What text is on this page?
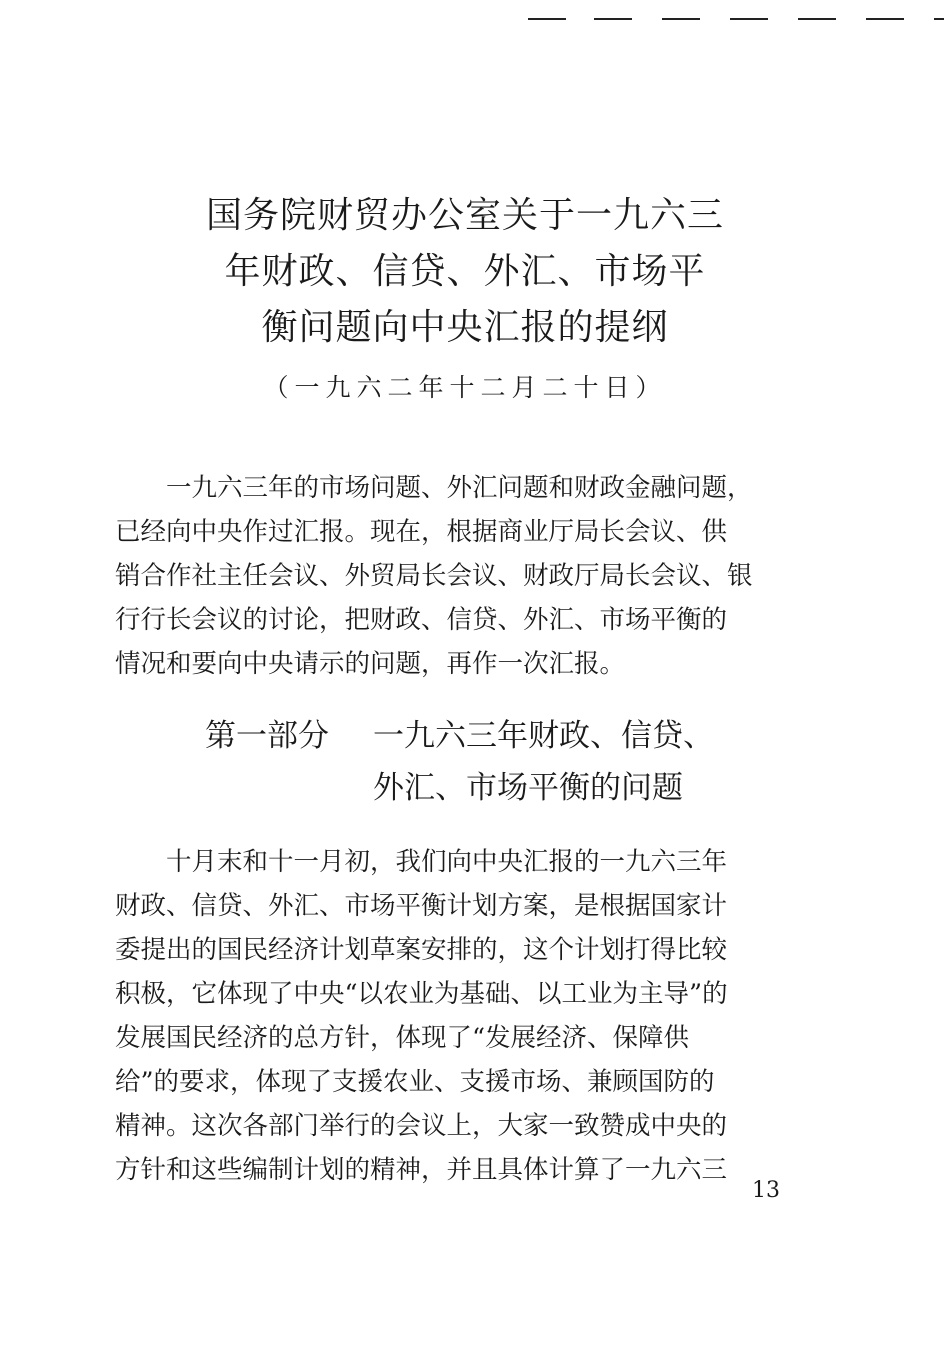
国务院财贸办公室关于一九六三
年财政、信贷、外汇、市场平
衡问题向中央汇报的提纲
（一九六二年十二月二十日）

　　一九六三年的市场问题、外汇问题和财政金融问题，
已经向中央作过汇报。现在，根据商业厅局长会议、供
销合作社主任会议、外贸局长会议、财政厅局长会议、银
行行长会议的讨论，把财政、信贷、外汇、市场平衡的
情况和要向中央请示的问题，再作一次汇报。

第一部分 一九六三年财政、信贷、
外汇、市场平衡的问题

　　十月末和十一月初，我们向中央汇报的一九六三年
财政、信贷、外汇、市场平衡计划方案，是根据国家计
委提出的国民经济计划草案安排的，这个计划打得比较
积极，它体现了中央“以农业为基础、以工业为主导”的
发展国民经济的总方针，体现了“发展经济、保障供
给”的要求，体现了支援农业、支援市场、兼顾国防的
精神。这次各部门举行的会议上，大家一致赞成中央的
方针和这些编制计划的精神，并且具体计算了一九六三

13
